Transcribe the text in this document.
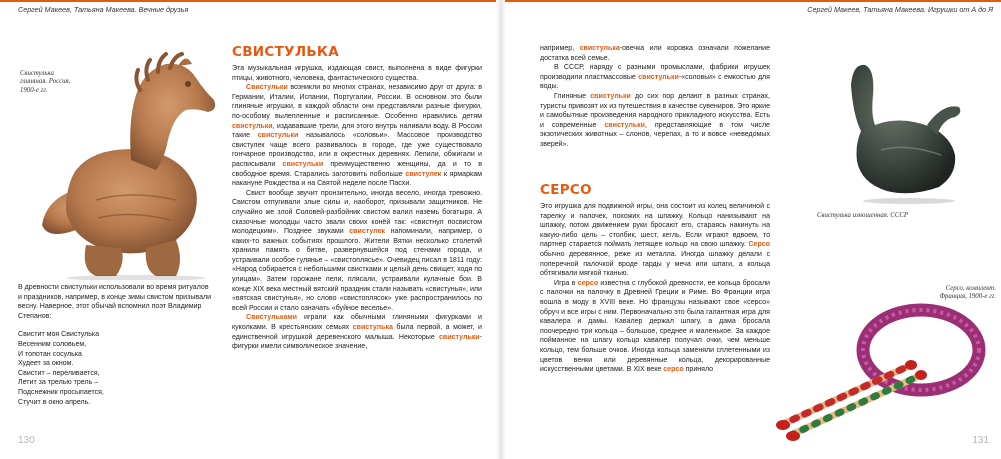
Сергей Макеев, Татьяна Макеева. Вечные друзья
Свистулька
глиняная. Россия,
1900-е гг.

В древности свистульки использовали во время ритуалов и праздников, например, в конце зимы свистом призывали весну. Наверное, этот обычай вспомнил поэт Владимир Степанов:

Свистит моя Свистулька
Весенним соловьем,
И топотан сосулька
Худеет за окном.
Свистит – переливается,
Летит за трелью трель –
Подснежник просыпается,
Стучит в окно апрель.

СВИСТУЛЬКА

Эта музыкальная игрушка, издающая свист, выполнена в виде фигурки птицы, животного, человека, фантастического существа.

Свистульки возникли во многих странах, независимо друг от друга: в Германии, Италии, Испании, Португалии, России. В основном это были глиняные игрушки, в каждой области они представляли разные фигурки, по-особому вылепленные и расписанные. Особенно нравились детям свистульки, издававшие трели, для этого внутрь наливали воду. В России такие свистульки называлось «соловьи». Массовое производство свистулек чаще всего развивалось в городе, где уже существовало гончарное производство, или в окрестных деревнях. Лепили, обжигали и расписывали свистульки преимущественно женщины, да и то в свободное время. Старались заготовить побольше свистулек к ярмаркам накануне Рождества и на Святой неделе после Пасхи.

Свист вообще звучит пронзительно, иногда весело, иногда тревожно. Свистом отпугивали злые силы и, наоборот, призывали защитников. Не случайно же злой Соловей-разбойник свистом валил наземь богатыря. А сказочные молодцы часто звали своих конёй так: «свистнул посвистом молодецким». Позднее звуками свистулек напоминали, например, о каких-то важных событиях прошлого. Жители Вятки несколько столетий хранили память о битве, развернувшейся под стенами города, и устраивали особое гулянье – «свистоплясье». Очевидец писал в 1811 году: «Народ собирается с небольшими свистками и целый день свищет, ходя по улицам». Затем горожане пели, плясали, устраивали кулачные бои. В конце XIX века местный вятский праздник стали называть «свистунья», или «вятская свистунья», но слово «свистоплясок» уже распространилось по всей России и стало означать «буйное веселье».

Свистульками играли как обычными глиняными фигурками и куколками. В крестьянских семьях свистулька была первой, а может, и единственной игрушкой деревенского малыша. Некоторые свистульки-фигурки имели символическое значение,

130
Сергей Макеев, Татьяна Макеева. Игрушки от А до Я

например, свистулька-овечка или коровка означали пожелание достатка всей семье.

В СССР, наряду с разными промыслами, фабрики игрушек производили пластмассовые свистульки-«соловьи» с емкостью для воды.

Глиняные свистульки до сих пор делают в разных странах, туристы привозят их из путешествия в качестве сувениров. Это яркие и самобытные произведения народного прикладного искусства. Есть и современные свистульки, представляющие в том числе экзотических животных – слонов, черепах, а то и вовсе «неведомых зверей».

СЕРСО

Это игрушка для подвижной игры, она состоит из колец величиной с тарелку и палочек, похожих на шпажку. Кольцо нанизывают на шпажку, потом движением руки бросают его, стараясь накинуть на какую-либо цель – столбик, шест, кегль. Если играют вдвоем, то партнер старается поймать летящее кольцо на свою шпажку. Серсо обычно деревянное, реже из металла. Иногда шпажку делали с поперечной палочкой вроде гарды у меча или шпаги, а кольца обтягивали мягкой тканью.

Игра в серсо известна с глубокой древности, ее кольца бросали с палочки на палочку в Древней Греции и Риме. Во Франции игра вошла в моду в XVIII веке. Но французы называют свое «серсо» обруч и все игры с ним. Первоначально это была галантная игра для кавалера и дамы. Кавалер держал шпагу, а дама бросала поочередно три кольца – большое, среднее и маленькое. За каждое пойманное на шпагу кольцо кавалер получал очки, чем меньше кольцо, тем больше очков. Иногда кольца заменяли сплетенными из цветов венки или деревянные кольца, декорированные искусственными цветами. В XIX веке серсо приняло

Свистулька изношенная. СССР
Серсо, комплект.
Франция, 1900-е гг.
131
